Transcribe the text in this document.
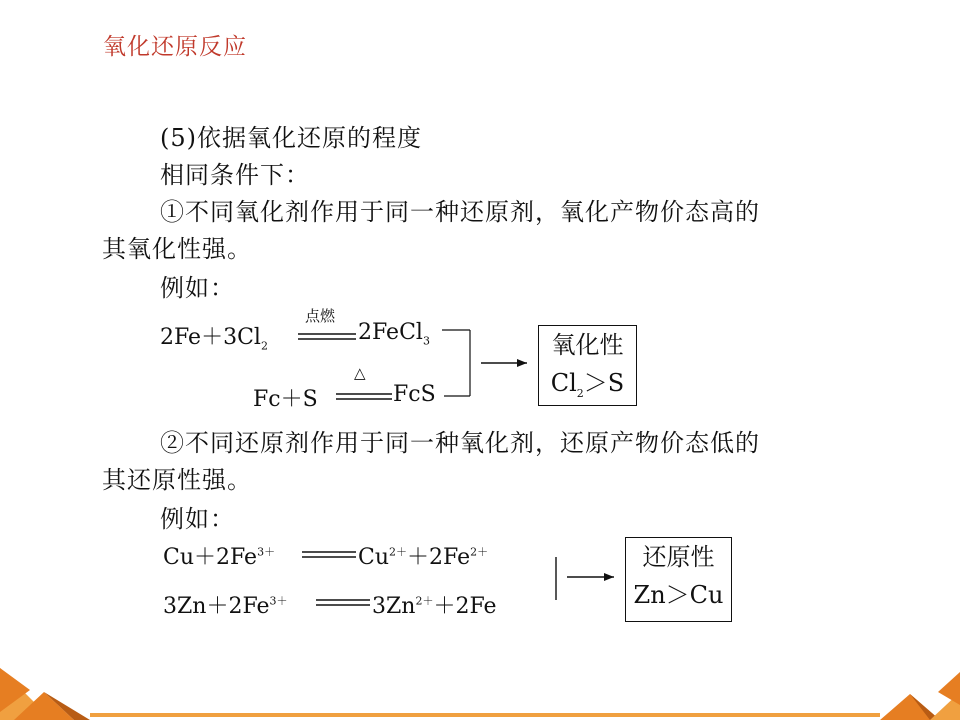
氧化还原反应
(5)依据氧化还原的程度
相同条件下：
①不同氧化剂作用于同一种还原剂，氧化产物价态高的
其氧化性强。
例如：
$2Fe+3Cl_2$
点燃
2FeCl$_3$
Fc＋S
△
FcS
氧化性
$Cl_2>S$
②不同还原剂作用于同一种氧化剂，还原产物价态低的
其还原性强。
例如：
$Cu+2Fe^{3+}$	$Cu^{2+}+2Fe^{2+}$
$3Zn+2Fe^{3+}$	$3Zn^{2+}+2Fe$
还原性
Zn＞Cu
